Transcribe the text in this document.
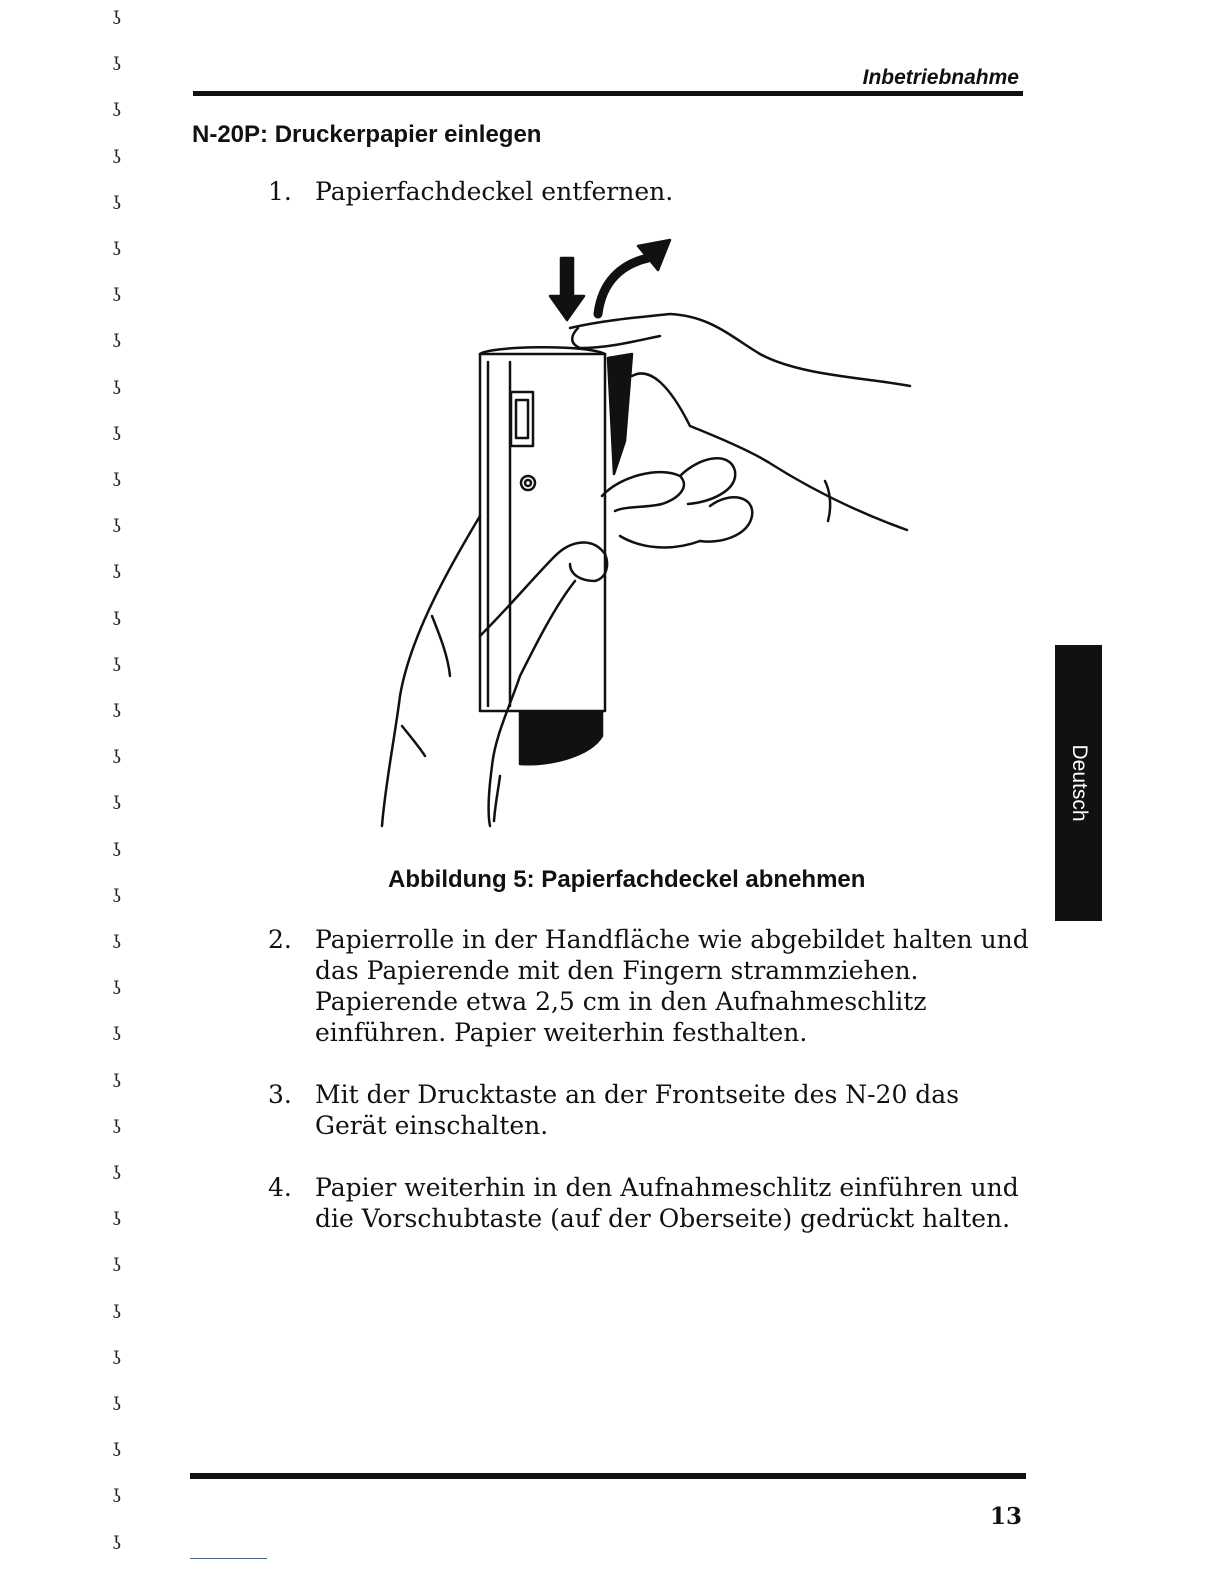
ʖ
ʖ
ʖ
ʖ
ʖ
ʖ
ʖ
ʖ
ʖ
ʖ
ʖ
ʖ
ʖ
ʖ
ʖ
ʖ
ʖ
ʖ
ʖ
ʖ
ʖ
ʖ
ʖ
ʖ
ʖ
ʖ
ʖ
ʖ
ʖ
ʖ
ʖ
ʖ
ʖ
ʖ
Inbetriebnahme
N-20P: Druckerpapier einlegen
1. Papierfachdeckel entfernen.
Abbildung 5: Papierfachdeckel abnehmen
2. Papierrolle in der Handfläche wie abgebildet halten und das Papierende mit den Fingern strammziehen. Papierende etwa 2,5 cm in den Aufnahmeschlitz einführen. Papier weiterhin festhalten.
3. Mit der Drucktaste an der Frontseite des N-20 das Gerät einschalten.
4. Papier weiterhin in den Aufnahmeschlitz einführen und die Vorschubtaste (auf der Oberseite) gedrückt halten.
Deutsch
13
